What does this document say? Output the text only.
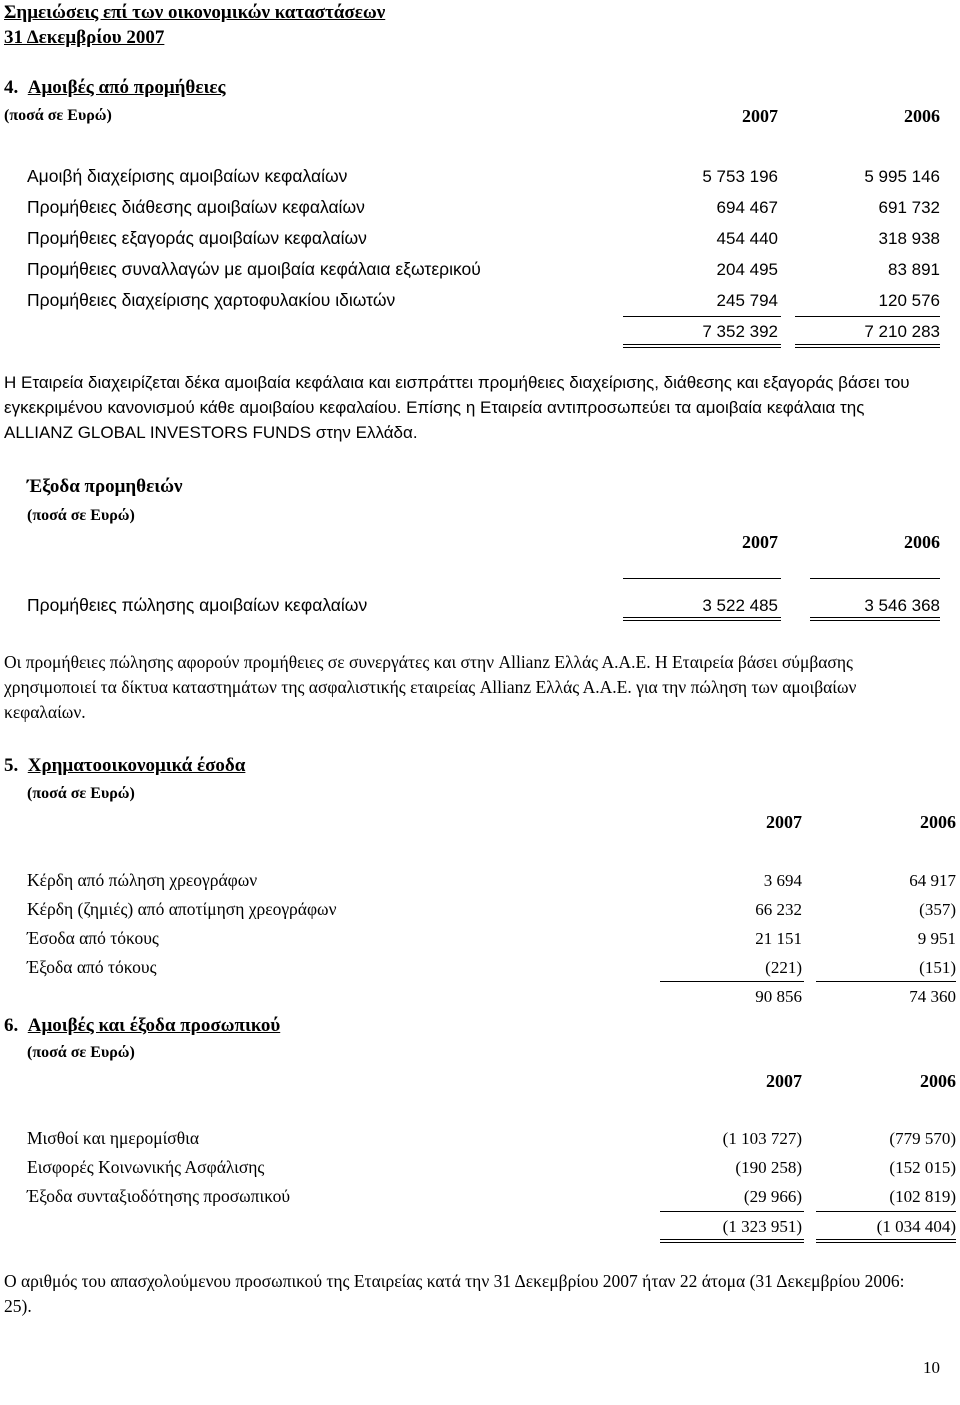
Σημειώσεις επί των οικονομικών καταστάσεων
31 Δεκεμβρίου 2007
4. Αμοιβές από προμήθειες
(ποσά σε Ευρώ)	2007	2006
Αμοιβή διαχείρισης αμοιβαίων κεφαλαίων	5 753 196	5 995 146
Προμήθειες διάθεσης αμοιβαίων κεφαλαίων	694 467	691 732
Προμήθειες εξαγοράς αμοιβαίων κεφαλαίων	454 440	318 938
Προμήθειες συναλλαγών με αμοιβαία κεφάλαια εξωτερικού	204 495	83 891
Προμήθειες διαχείρισης χαρτοφυλακίου ιδιωτών	245 794	120 576
7 352 392	7 210 283
Η Εταιρεία διαχειρίζεται δέκα αμοιβαία κεφάλαια και εισπράττει προμήθειες διαχείρισης, διάθεσης και εξαγοράς βάσει του εγκεκριμένου κανονισμού κάθε αμοιβαίου κεφαλαίου. Επίσης η Εταιρεία αντιπροσωπεύει τα αμοιβαία κεφάλαια της ALLIANZ GLOBAL INVESTORS FUNDS στην Ελλάδα.
Έξοδα προμηθειών
(ποσά σε Ευρώ)
2007	2006
Προμήθειες πώλησης αμοιβαίων κεφαλαίων	3 522 485	3 546 368
Οι προμήθειες πώλησης αφορούν προμήθειες σε συνεργάτες και στην Allianz Ελλάς Α.Α.Ε. Η Εταιρεία βάσει σύμβασης χρησιμοποιεί τα δίκτυα καταστημάτων της ασφαλιστικής εταιρείας Allianz Ελλάς Α.Α.Ε. για την πώληση των αμοιβαίων κεφαλαίων.
5. Χρηματοοικονομικά έσοδα
(ποσά σε Ευρώ)
2007	2006
Κέρδη από πώληση χρεογράφων	3 694	64 917
Κέρδη (ζημιές) από αποτίμηση χρεογράφων	66 232	(357)
Έσοδα από τόκους	21 151	9 951
Έξοδα από τόκους	(221)	(151)
90 856	74 360
6. Αμοιβές και έξοδα προσωπικού
(ποσά σε Ευρώ)
2007	2006
Μισθοί και ημερομίσθια	(1 103 727)	(779 570)
Εισφορές Κοινωνικής Ασφάλισης	(190 258)	(152 015)
Έξοδα συνταξιοδότησης προσωπικού	(29 966)	(102 819)
(1 323 951)	(1 034 404)
Ο αριθμός του απασχολούμενου προσωπικού της Εταιρείας κατά την 31 Δεκεμβρίου 2007 ήταν 22 άτομα (31 Δεκεμβρίου 2006: 25).
10
